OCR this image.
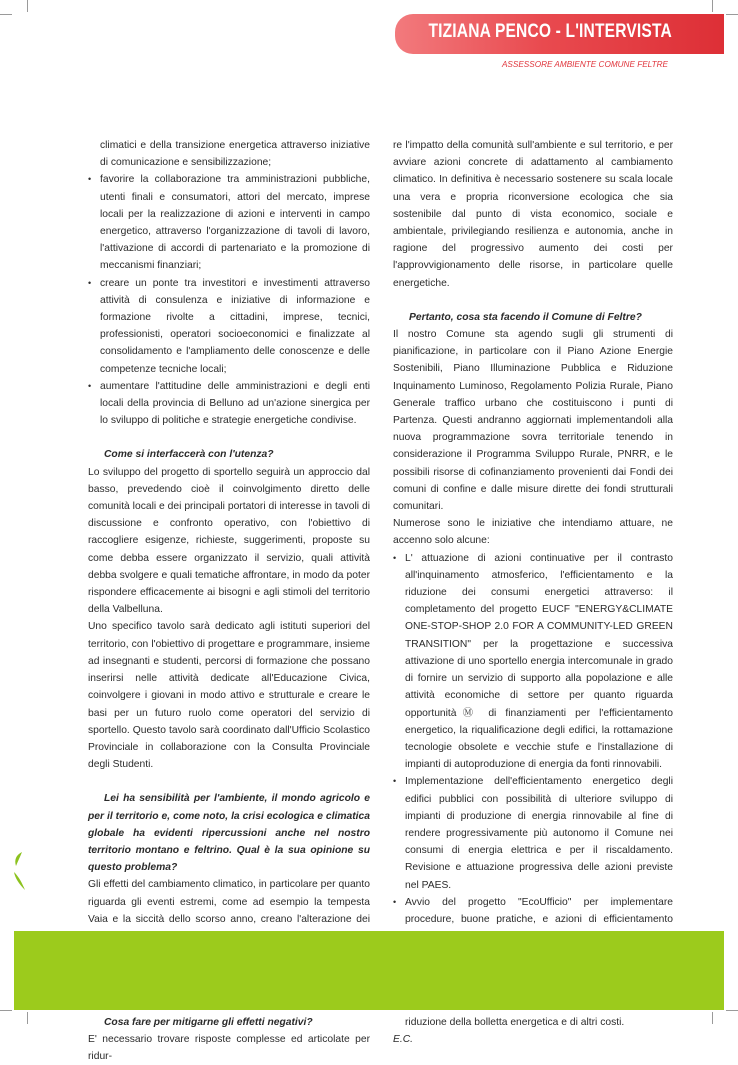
TIZIANA PENCO - L'INTERVISTA
ASSESSORE AMBIENTE COMUNE FELTRE

climatici e della transizione energetica attraverso iniziative di comunicazione e sensibilizzazione;

• favorire la collaborazione tra amministrazioni pubbliche, utenti finali e consumatori, attori del mercato, imprese locali per la realizzazione di azioni e interventi in campo energetico, attraverso l'organizzazione di tavoli di lavoro, l'attivazione di accordi di partenariato e la promozione di meccanismi finanziari;
• creare un ponte tra investitori e investimenti attraverso attività di consulenza e iniziative di informazione e formazione rivolte a cittadini, imprese, tecnici, professionisti, operatori socioeconomici e finalizzate al consolidamento e l'ampliamento delle conoscenze e delle competenze tecniche locali;
• aumentare l'attitudine delle amministrazioni e degli enti locali della provincia di Belluno ad un'azione sinergica per lo sviluppo di politiche e strategie energetiche condivise.

Come si interfaccerà con l'utenza?

Lo sviluppo del progetto di sportello seguirà un approccio dal basso, prevedendo cioè il coinvolgimento diretto delle comunità locali e dei principali portatori di interesse in tavoli di discussione e confronto operativo, con l'obiettivo di raccogliere esigenze, richieste, suggerimenti, proposte su come debba essere organizzato il servizio, quali attività debba svolgere e quali tematiche affrontare, in modo da poter rispondere efficacemente ai bisogni e agli stimoli del territorio della Valbelluna.

Uno specifico tavolo sarà dedicato agli istituti superiori del territorio, con l'obiettivo di progettare e programmare, insieme ad insegnanti e studenti, percorsi di formazione che possano inserirsi nelle attività dedicate all'Educazione Civica, coinvolgere i giovani in modo attivo e strutturale e creare le basi per un futuro ruolo come operatori del servizio di sportello. Questo tavolo sarà coordinato dall'Ufficio Scolastico Provinciale in collaborazione con la Consulta Provinciale degli Studenti.

Lei ha sensibilità per l'ambiente, il mondo agricolo e per il territorio e, come noto, la crisi ecologica e climatica globale ha evidenti ripercussioni anche nel nostro territorio montano e feltrino. Qual è la sua opinione su questo problema?

Gli effetti del cambiamento climatico, in particolare per quanto riguarda gli eventi estremi, come ad esempio la tempesta Vaia e la siccità dello scorso anno, creano l'alterazione dei

Cosa fare per mitigarne gli effetti negativi?

E' necessario trovare risposte complesse ed articolate per ridur-

re l'impatto della comunità sull'ambiente e sul territorio, e per avviare azioni concrete di adattamento al cambiamento climatico. In definitiva è necessario sostenere su scala locale una vera e propria riconversione ecologica che sia sostenibile dal punto di vista economico, sociale e ambientale, privilegiando resilienza e autonomia, anche in ragione del progressivo aumento dei costi per l'approvvigionamento delle risorse, in particolare quelle energetiche.

Pertanto, cosa sta facendo il Comune di Feltre?

Il nostro Comune sta agendo sugli gli strumenti di pianificazione, in particolare con il Piano Azione Energie Sostenibili, Piano Illuminazione Pubblica e Riduzione Inquinamento Luminoso, Regolamento Polizia Rurale, Piano Generale traffico urbano che costituiscono i punti di Partenza. Questi andranno aggiornati implementandoli alla nuova programmazione sovra territoriale tenendo in considerazione il Programma Sviluppo Rurale, PNRR, e le possibili risorse di cofinanziamento provenienti dai Fondi dei comuni di confine e dalle misure dirette dei fondi strutturali comunitari.

Numerose sono le iniziative che intendiamo attuare, ne accenno solo alcune:

• L' attuazione di azioni continuative per il contrasto all'inquinamento atmosferico, l'efficientamento e la riduzione dei consumi energetici attraverso: il completamento del progetto EUCF "ENERGY&CLIMATE ONE-STOP-SHOP 2.0 FOR A COMMUNITY-LED GREEN TRANSITION" per la progettazione e successiva attivazione di uno sportello energia intercomunale in grado di fornire un servizio di supporto alla popolazione e alle attività economiche di settore per quanto riguarda opportunitàⓂ di finanziamenti per l'efficientamento energetico, la riqualificazione degli edifici, la rottamazione tecnologie obsolete e vecchie stufe e l'installazione di impianti di autoproduzione di energia da fonti rinnovabili.
• Implementazione dell'efficientamento energetico degli edifici pubblici con possibilità di ulteriore sviluppo di impianti di produzione di energia rinnovabile al fine di rendere progressivamente più autonomo il Comune nei consumi di energia elettrica e per il riscaldamento. Revisione e attuazione progressiva delle azioni previste nel PAES.
• Avvio del progetto "EcoUfficio" per implementare procedure, buone pratiche, e azioni di efficientamento riduzione della bolletta energetica e di altri costi.

E.C.
